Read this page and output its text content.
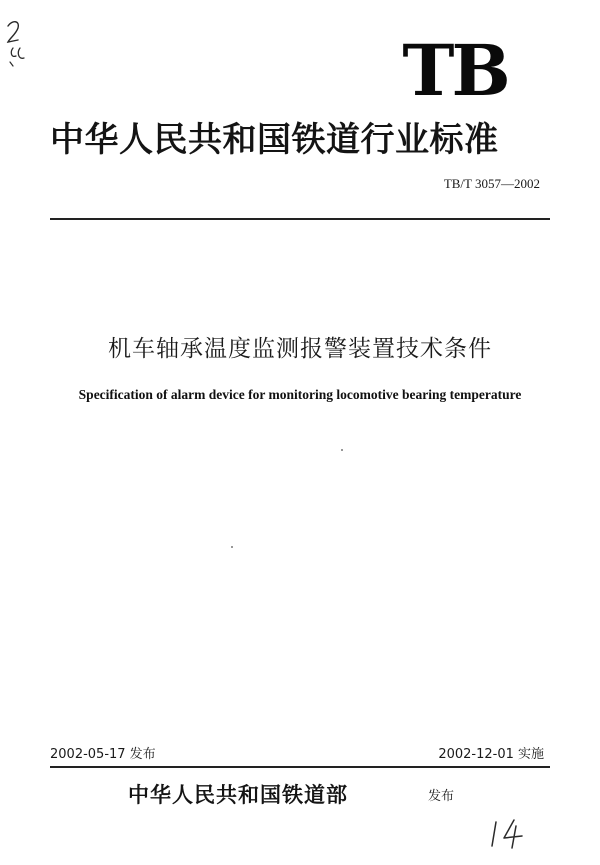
TB
中华人民共和国铁道行业标准
TB/T 3057—2002
机车轴承温度监测报警装置技术条件
Specification of alarm device for monitoring locomotive bearing temperature
2002-05-17 发布	2002-12-01 实施
中华人民共和国铁道部	发布
